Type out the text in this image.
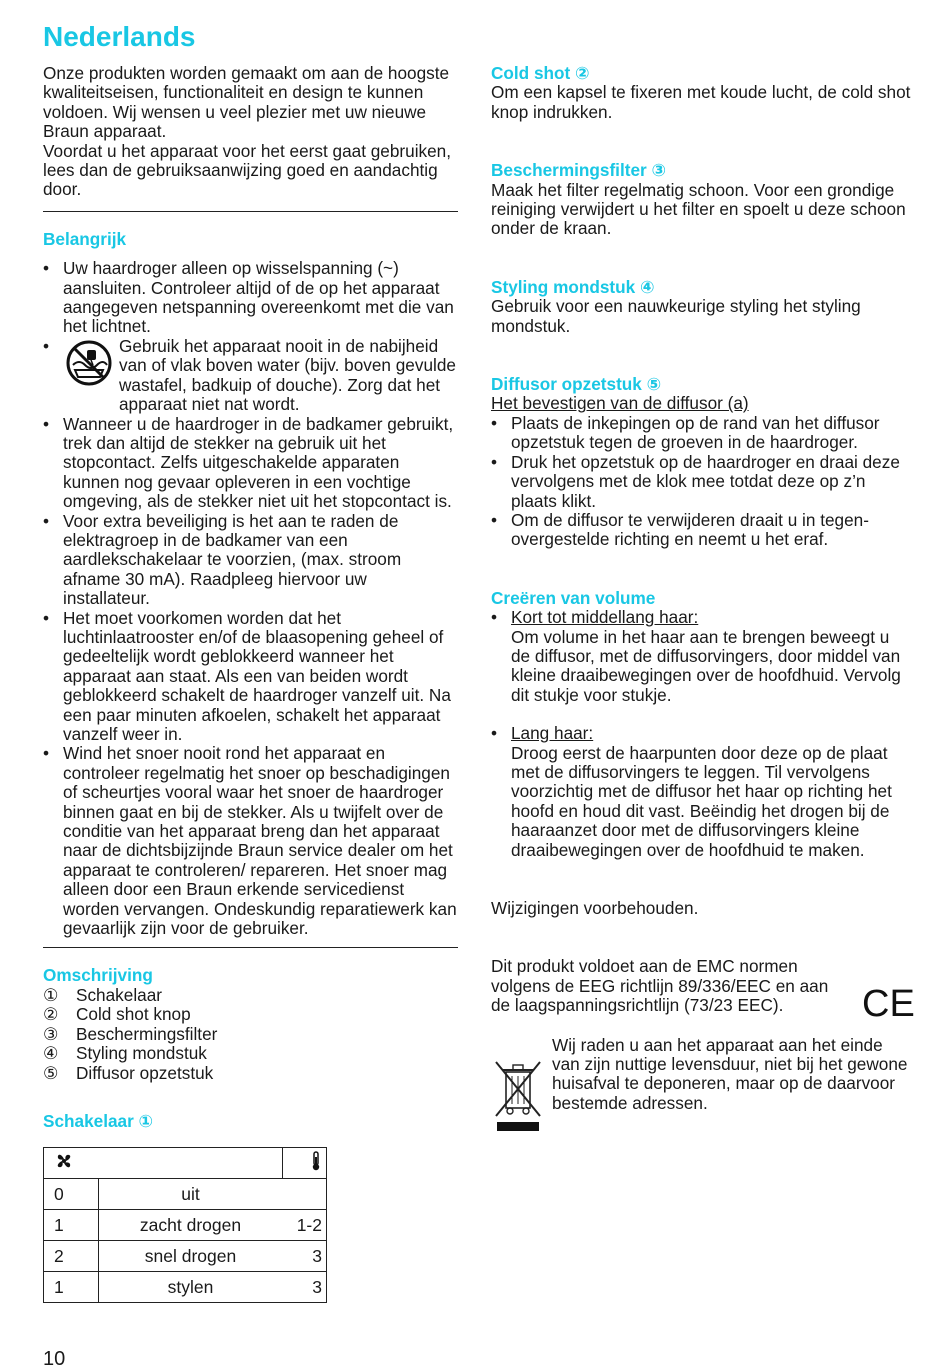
Nederlands

Onze produkten worden gemaakt om aan de hoogste kwaliteitseisen, functionaliteit en design te kunnen voldoen. Wij wensen u veel plezier met uw nieuwe Braun apparaat.

Voordat u het apparaat voor het eerst gaat gebruiken, lees dan de gebruiksaanwijzing goed en aandachtig door.

Belangrijk

• Uw haardroger alleen op wisselspanning (~) aansluiten. Controleer altijd of de op het apparaat aangegeven netspanning overeenkomt met die van het lichtnet.
•	Gebruik het apparaat nooit in de nabijheid van of vlak boven water (bijv. boven gevulde wastafel, badkuip of douche). Zorg dat het apparaat niet nat wordt.
• Wanneer u de haardroger in de badkamer gebruikt, trek dan altijd de stekker na gebruik uit het stopcontact. Zelfs uitgeschakelde apparaten kunnen nog gevaar opleveren in een vochtige omgeving, als de stekker niet uit het stopcontact is.
• Voor extra beveiliging is het aan te raden de elektragroep in de badkamer van een aardlekschakelaar te voorzien, (max. stroom afname 30 mA). Raadpleeg hiervoor uw installateur.
• Het moet voorkomen worden dat het luchtinlaatrooster en/of de blaasopening geheel of gedeeltelijk wordt geblokkeerd wanneer het apparaat aan staat. Als een van beiden wordt geblokkeerd schakelt de haardroger vanzelf uit. Na een paar minuten afkoelen, schakelt het apparaat vanzelf weer in.
• Wind het snoer nooit rond het apparaat en controleer regelmatig het snoer op beschadigingen of scheurtjes vooral waar het snoer de haardroger binnen gaat en bij de stekker. Als u twijfelt over de conditie van het apparaat breng dan het apparaat naar de dichtsbijzijnde Braun service dealer om het apparaat te controleren/ repareren. Het snoer mag alleen door een Braun erkende servicedienst worden vervangen. Ondeskundig reparatiewerk kan gevaarlijk zijn voor de gebruiker.

Omschrijving

① Schakelaar
② Cold shot knop
③ Beschermingsfilter
④ Styling mondstuk
⑤ Diffusor opzetstuk

Schakelaar ①

0	uit	
1	zacht drogen	1-2
2	snel drogen	3
1	stylen	3

Cold shot ②

Om een kapsel te fixeren met koude lucht, de cold shot knop indrukken.

Beschermingsfilter ③

Maak het filter regelmatig schoon. Voor een grondige reiniging verwijdert u het filter en spoelt u deze schoon onder de kraan.

Styling mondstuk ④

Gebruik voor een nauwkeurige styling het styling mondstuk.

Diffusor opzetstuk ⑤

Het bevestigen van de diffusor (a)

• Plaats de inkepingen op de rand van het diffusor opzetstuk tegen de groeven in de haardroger.
• Druk het opzetstuk op de haardroger en draai deze vervolgens met de klok mee totdat deze op z’n plaats klikt.
• Om de diffusor te verwijderen draait u in tegen-overgestelde richting en neemt u het eraf.

Creëren van volume

• Kort tot middellang haar:
Om volume in het haar aan te brengen beweegt u de diffusor, met de diffusorvingers, door middel van kleine draaibewegingen over de hoofdhuid. Vervolg dit stukje voor stukje.
• Lang haar:
Droog eerst de haarpunten door deze op de plaat met de diffusorvingers te leggen. Til vervolgens voorzichtig met de diffusor het haar op richting het hoofd en houd dit vast. Beëindig het drogen bij de haaraanzet door met de diffusorvingers kleine draaibewegingen over de hoofdhuid te maken.

Wijzigingen voorbehouden.

Dit produkt voldoet aan de EMC normen volgens de EEG richtlijn 89/336/EEC en aan de laagspanningsrichtlijn (73/23 EEC).

Wij raden u aan het apparaat aan het einde van zijn nuttige levensduur, niet bij het gewone huisafval te deponeren, maar op de daarvoor bestemde adressen.

CE
10
